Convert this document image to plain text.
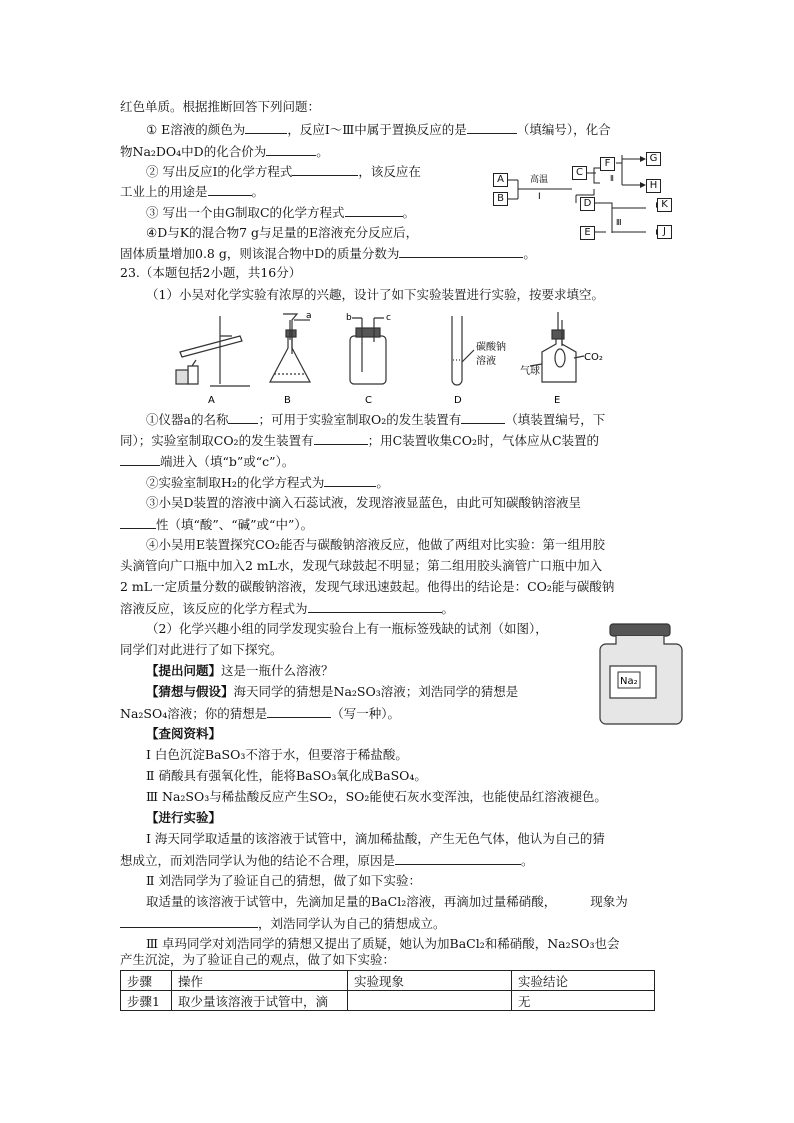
红色单质。根据推断回答下列问题：
① E溶液的颜色为	，反应Ⅰ～Ⅲ中属于置换反应的是	（填编号），化合
物Na₂DO₄中D的化合价为	。
② 写出反应Ⅰ的化学方程式	，该反应在
工业上的用途是	。
③ 写出一个由G制取C的化学方程式	。
④D与K的混合物7 g与足量的E溶液充分反应后，
固体质量增加0.8 g，则该混合物中D的质量分数为	。
高温
Ⅰ
Ⅱ
Ⅲ
A
B
C
F	G
H
D
E
K
J
23.（本题包括2小题，共16分）
（1）小吴对化学实验有浓厚的兴趣，设计了如下实验装置进行实验，按要求填空。
a	b	c
碳酸钠
溶液
气球
CO₂
A	B	C	D	E
①仪器a的名称 ；可用于实验室制取O₂的发生装置有	（填装置编号，下
同）；实验室制取CO₂的发生装置有	；用C装置收集CO₂时，气体应从C装置的
端进入（填“b”或“c”）。
②实验室制取H₂的化学方程式为	。
③小吴D装置的溶液中滴入石蕊试液，发现溶液显蓝色，由此可知碳酸钠溶液呈
性（填“酸”、“碱”或“中”）。
④小吴用E装置探究CO₂能否与碳酸钠溶液反应，他做了两组对比实验：第一组用胶
头滴管向广口瓶中加入2 mL水，发现气球鼓起不明显；第二组用胶头滴管广口瓶中加入
2 mL一定质量分数的碳酸钠溶液，发现气球迅速鼓起。他得出的结论是：CO₂能与碳酸钠
溶液反应，该反应的化学方程式为	。
（2）化学兴趣小组的同学发现实验台上有一瓶标签残缺的试剂（如图），
同学们对此进行了如下探究。
Na₂
【提出问题】这是一瓶什么溶液？
【猜想与假设】海天同学的猜想是Na₂SO₃溶液；刘浩同学的猜想是
Na₂SO₄溶液；你的猜想是	（写一种）。
【查阅资料】
Ⅰ 白色沉淀BaSO₃不溶于水，但要溶于稀盐酸。
Ⅱ 硝酸具有强氧化性，能将BaSO₃氧化成BaSO₄。
Ⅲ Na₂SO₃与稀盐酸反应产生SO₂，SO₂能使石灰水变浑浊，也能使品红溶液褪色。
【进行实验】
Ⅰ 海天同学取适量的该溶液于试管中，滴加稀盐酸，产生无色气体，他认为自己的猜
想成立，而刘浩同学认为他的结论不合理，原因是	。
Ⅱ 刘浩同学为了验证自己的猜想，做了如下实验：
取适量的该溶液于试管中，先滴加足量的BaCl₂溶液，再滴加过量稀硝酸，	现象为
，刘浩同学认为自己的猜想成立。
Ⅲ 卓玛同学对刘浩同学的猜想又提出了质疑，她认为加BaCl₂和稀硝酸，Na₂SO₃也会
产生沉淀，为了验证自己的观点，做了如下实验：
步骤	操作	实验现象	实验结论
步骤1	取少量该溶液于试管中，滴		无
